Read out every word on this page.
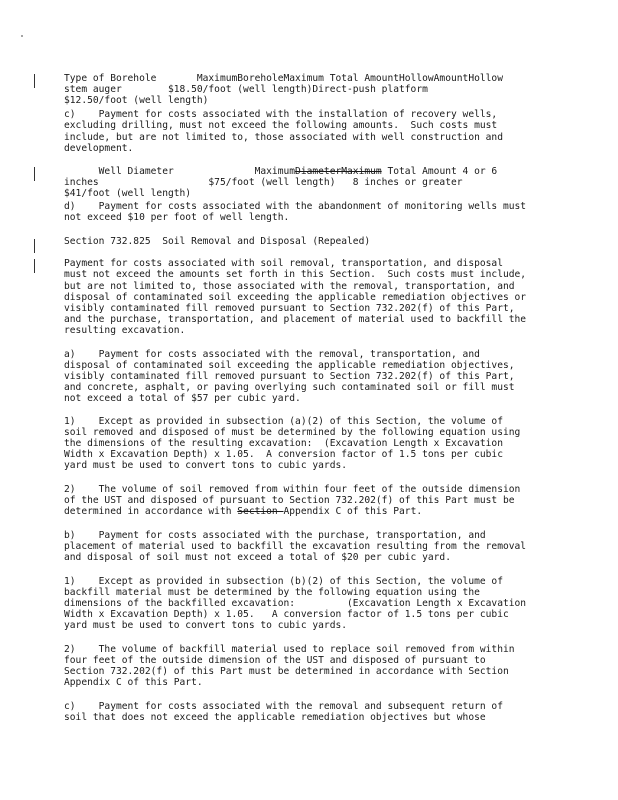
Type of Borehole       MaximumBoreholeMaximum Total AmountHollowAmountHollow
stem auger        $18.50/foot (well length)Direct-push platform
$12.50/foot (well length)
c)    Payment for costs associated with the installation of recovery wells,
excluding drilling, must not exceed the following amounts.  Such costs must
include, but are not limited to, those associated with well construction and
development.
Well Diameter              MaximumDiameterMaximum Total Amount 4 or 6
inches                   $75/foot (well length)   8 inches or greater
$41/foot (well length)
d)    Payment for costs associated with the abandonment of monitoring wells must
not exceed $10 per foot of well length.
Section 732.825  Soil Removal and Disposal (Repealed)
Payment for costs associated with soil removal, transportation, and disposal
must not exceed the amounts set forth in this Section.  Such costs must include,
but are not limited to, those associated with the removal, transportation, and
disposal of contaminated soil exceeding the applicable remediation objectives or
visibly contaminated fill removed pursuant to Section 732.202(f) of this Part,
and the purchase, transportation, and placement of material used to backfill the
resulting excavation.
a)    Payment for costs associated with the removal, transportation, and
disposal of contaminated soil exceeding the applicable remediation objectives,
visibly contaminated fill removed pursuant to Section 732.202(f) of this Part,
and concrete, asphalt, or paving overlying such contaminated soil or fill must
not exceed a total of $57 per cubic yard.
1)    Except as provided in subsection (a)(2) of this Section, the volume of
soil removed and disposed of must be determined by the following equation using
the dimensions of the resulting excavation:  (Excavation Length x Excavation
Width x Excavation Depth) x 1.05.  A conversion factor of 1.5 tons per cubic
yard must be used to convert tons to cubic yards.
2)    The volume of soil removed from within four feet of the outside dimension
of the UST and disposed of pursuant to Section 732.202(f) of this Part must be
determined in accordance with Section Appendix C of this Part.
b)    Payment for costs associated with the purchase, transportation, and
placement of material used to backfill the excavation resulting from the removal
and disposal of soil must not exceed a total of $20 per cubic yard.
1)    Except as provided in subsection (b)(2) of this Section, the volume of
backfill material must be determined by the following equation using the
dimensions of the backfilled excavation:         (Excavation Length x Excavation
Width x Excavation Depth) x 1.05.   A conversion factor of 1.5 tons per cubic
yard must be used to convert tons to cubic yards.
2)    The volume of backfill material used to replace soil removed from within
four feet of the outside dimension of the UST and disposed of pursuant to
Section 732.202(f) of this Part must be determined in accordance with Section
Appendix C of this Part.
c)    Payment for costs associated with the removal and subsequent return of
soil that does not exceed the applicable remediation objectives but whose
